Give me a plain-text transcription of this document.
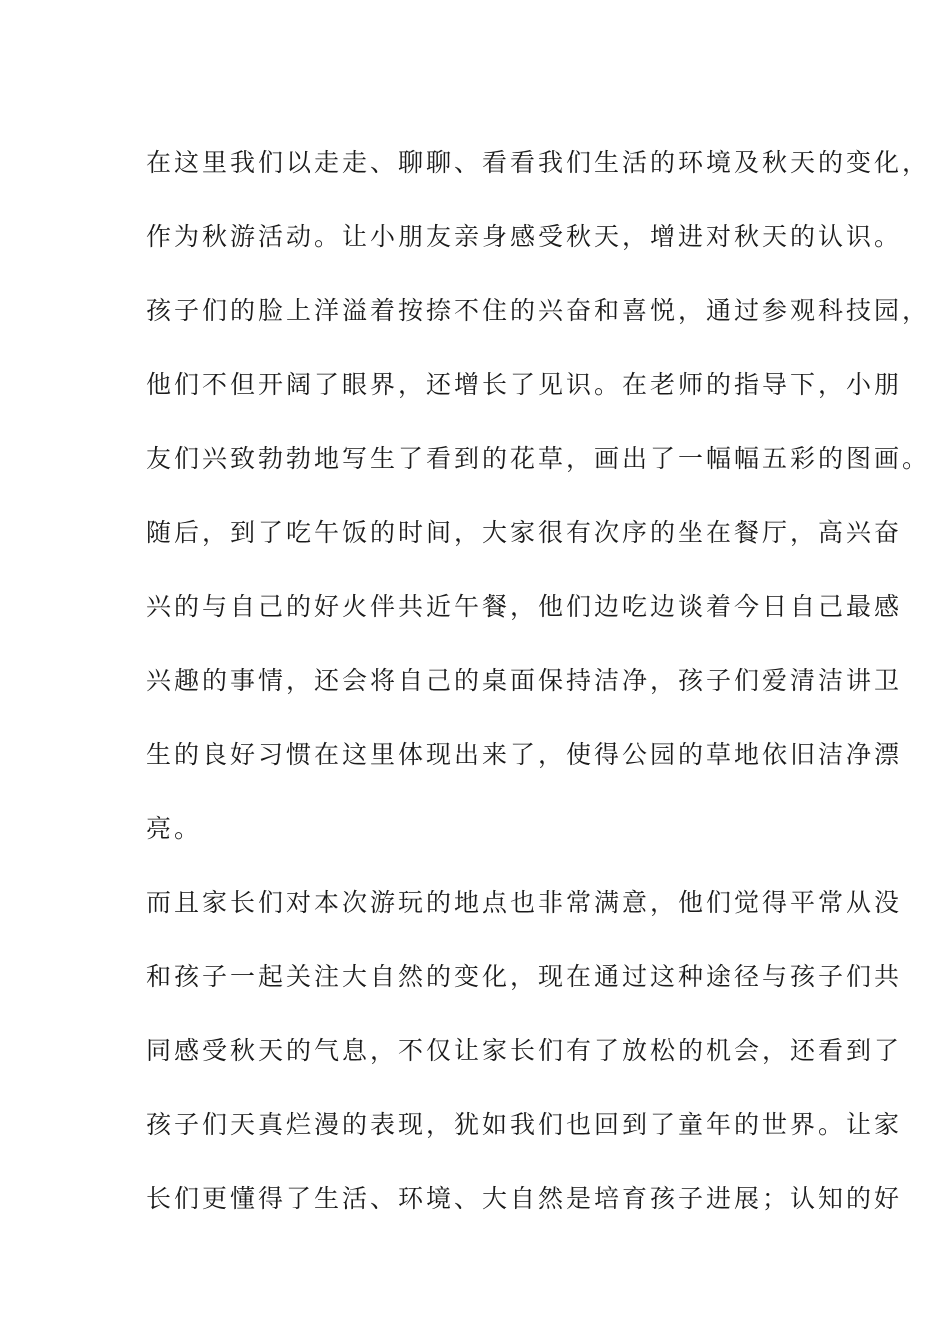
在这里我们以走走、聊聊、看看我们生活的环境及秋天的变化，
作为秋游活动。让小朋友亲身感受秋天，增进对秋天的认识。
孩子们的脸上洋溢着按捺不住的兴奋和喜悦，通过参观科技园，
他们不但开阔了眼界，还增长了见识。在老师的指导下，小朋
友们兴致勃勃地写生了看到的花草，画出了一幅幅五彩的图画。
随后，到了吃午饭的时间，大家很有次序的坐在餐厅，高兴奋
兴的与自己的好火伴共近午餐，他们边吃边谈着今日自己最感
兴趣的事情，还会将自己的桌面保持洁净，孩子们爱清洁讲卫
生的良好习惯在这里体现出来了，使得公园的草地依旧洁净漂
亮。
而且家长们对本次游玩的地点也非常满意，他们觉得平常从没
和孩子一起关注大自然的变化，现在通过这种途径与孩子们共
同感受秋天的气息，不仅让家长们有了放松的机会，还看到了
孩子们天真烂漫的表现，犹如我们也回到了童年的世界。让家
长们更懂得了生活、环境、大自然是培育孩子进展；认知的好
